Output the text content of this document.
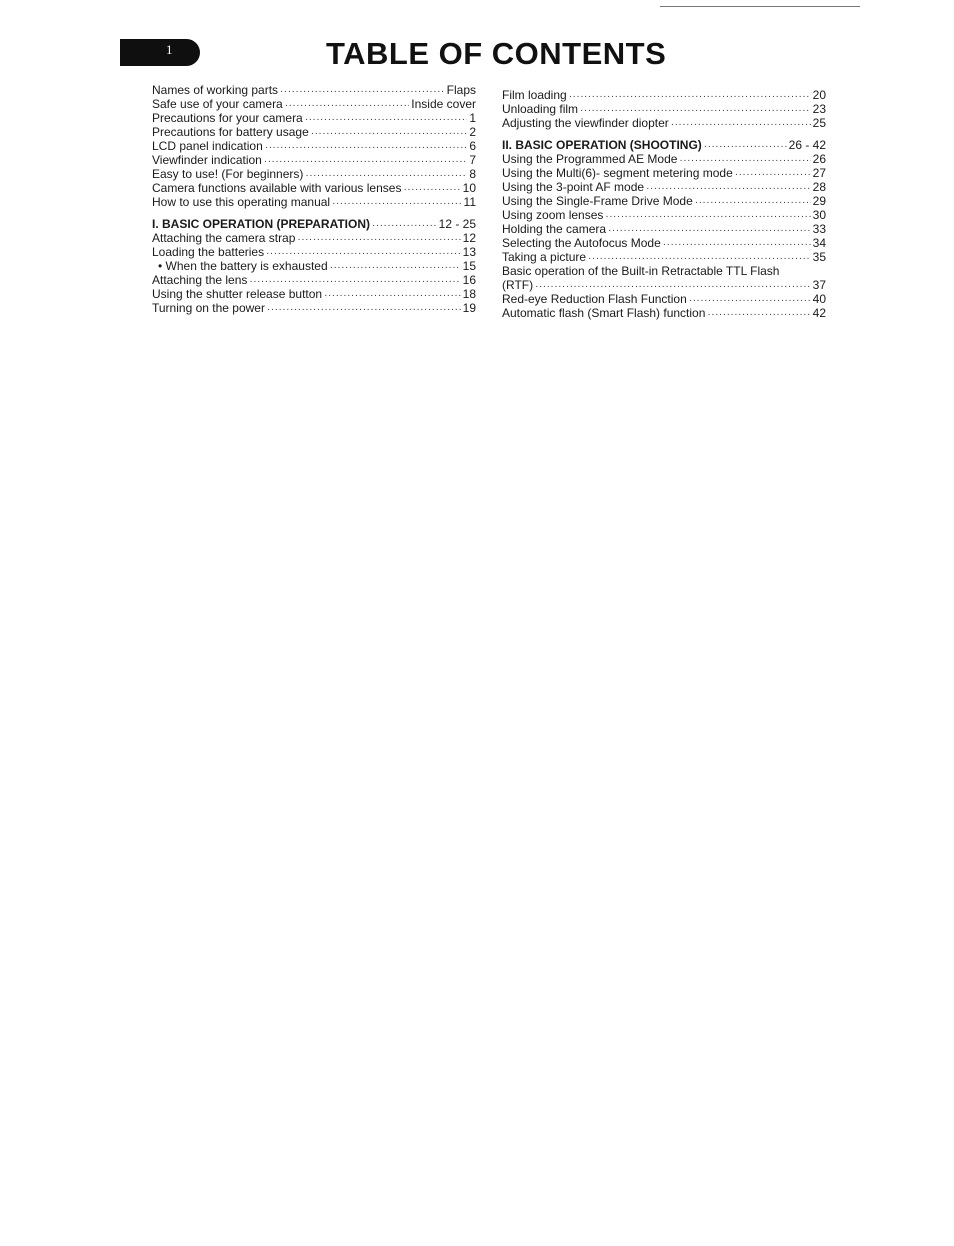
1	TABLE OF CONTENTS
Names of working parts ·····	Flaps
Safe use of your camera ·····	Inside cover
Precautions for your camera ·····	1
Precautions for battery usage ·····	2
LCD panel indication ·····	6
Viewfinder indication ·····	7
Easy to use! (For beginners) ·····	8
Camera functions available with various lenses ·····	10
How to use this operating manual ·····	11
I. BASIC OPERATION (PREPARATION) ·····	12 - 25
Attaching the camera strap ·····	12
Loading the batteries ·····	13
• When the battery is exhausted ·····	15
Attaching the lens ·····	16
Using the shutter release button ·····	18
Turning on the power ·····	19
Film loading ·····	20
Unloading film ·····	23
Adjusting the viewfinder diopter ·····	25
II. BASIC OPERATION (SHOOTING) ·····	26 - 42
Using the Programmed AE Mode ·····	26
Using the Multi(6)- segment metering mode ·····	27
Using the 3-point AF mode ·····	28
Using the Single-Frame Drive Mode ·····	29
Using zoom lenses ·····	30
Holding the camera ·····	33
Selecting the Autofocus Mode ·····	34
Taking a picture ·····	35
Basic operation of the Built-in Retractable TTL Flash
(RTF) ·····	37
Red-eye Reduction Flash Function ·····	40
Automatic flash (Smart Flash) function ·····	42
